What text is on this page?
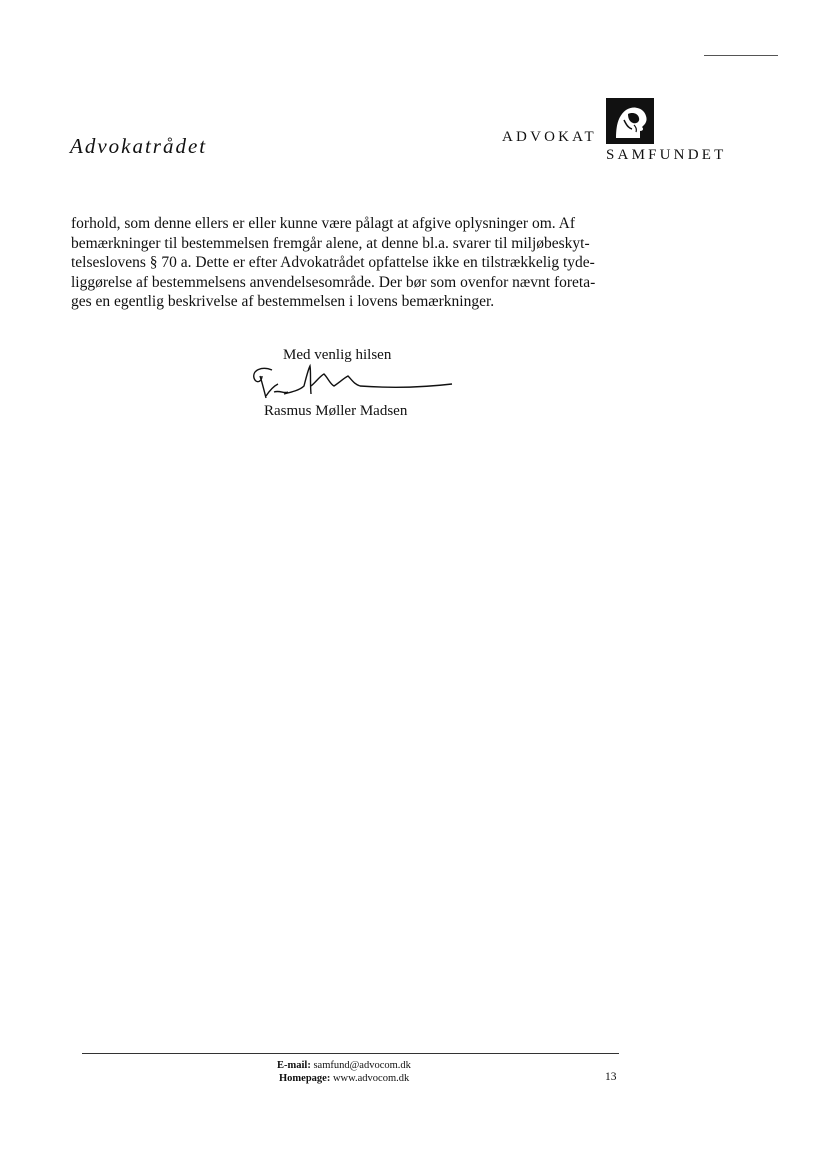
Advokatrådet	ADVOKAT
SAMFUNDET
forhold, som denne ellers er eller kunne være pålagt at afgive oplysninger om. Af
bemærkninger til bestemmelsen fremgår alene, at denne bl.a. svarer til miljøbeskyt-
telseslovens § 70 a. Dette er efter Advokatrådet opfattelse ikke en tilstrækkelig tyde-
liggørelse af bestemmelsens anvendelsesområde. Der bør som ovenfor nævnt foreta-
ges en egentlig beskrivelse af bestemmelsen i lovens bemærkninger.
Med venlig hilsen
Rasmus Møller Madsen
E-mail: samfund@advocom.dk
Homepage: www.advocom.dk	13
